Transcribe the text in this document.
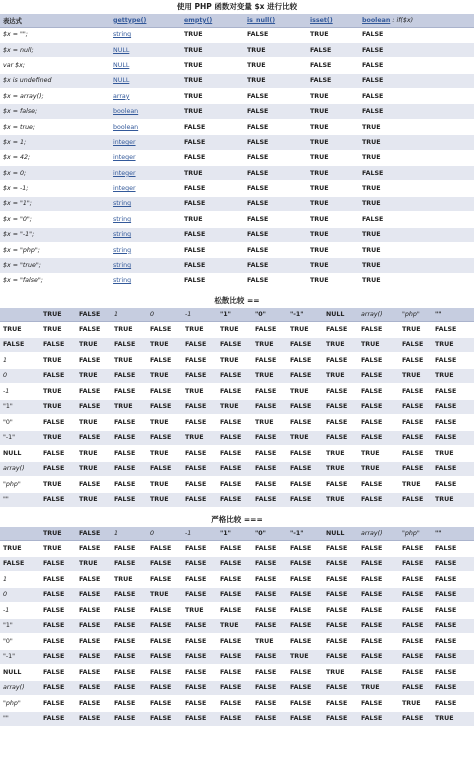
使用 PHP 函数对变量 $x 进行比较
表达式	gettype()	empty()	is_null()	isset()	boolean : if($x)
$x = "";	string	TRUE	FALSE	TRUE	FALSE
$x = null;	NULL	TRUE	TRUE	FALSE	FALSE
var $x;	NULL	TRUE	TRUE	FALSE	FALSE
$x is undefined	NULL	TRUE	TRUE	FALSE	FALSE
$x = array();	array	TRUE	FALSE	TRUE	FALSE
$x = false;	boolean	TRUE	FALSE	TRUE	FALSE
$x = true;	boolean	FALSE	FALSE	TRUE	TRUE
$x = 1;	integer	FALSE	FALSE	TRUE	TRUE
$x = 42;	integer	FALSE	FALSE	TRUE	TRUE
$x = 0;	integer	TRUE	FALSE	TRUE	FALSE
$x = -1;	integer	FALSE	FALSE	TRUE	TRUE
$x = "1";	string	FALSE	FALSE	TRUE	TRUE
$x = "0";	string	TRUE	FALSE	TRUE	FALSE
$x = "-1";	string	FALSE	FALSE	TRUE	TRUE
$x = "php";	string	FALSE	FALSE	TRUE	TRUE
$x = "true";	string	FALSE	FALSE	TRUE	TRUE
$x = "false";	string	FALSE	FALSE	TRUE	TRUE
松散比较 ==
	TRUE	FALSE	1	0	-1	"1"	"0"	"-1"	NULL	array()	"php"	""
TRUE	TRUE	FALSE	TRUE	FALSE	TRUE	TRUE	FALSE	TRUE	FALSE	FALSE	TRUE	FALSE
FALSE	FALSE	TRUE	FALSE	TRUE	FALSE	FALSE	TRUE	FALSE	TRUE	TRUE	FALSE	TRUE
1	TRUE	FALSE	TRUE	FALSE	FALSE	TRUE	FALSE	FALSE	FALSE	FALSE	FALSE	FALSE
0	FALSE	TRUE	FALSE	TRUE	FALSE	FALSE	TRUE	FALSE	TRUE	FALSE	TRUE	TRUE
-1	TRUE	FALSE	FALSE	FALSE	TRUE	FALSE	FALSE	TRUE	FALSE	FALSE	FALSE	FALSE
"1"	TRUE	FALSE	TRUE	FALSE	FALSE	TRUE	FALSE	FALSE	FALSE	FALSE	FALSE	FALSE
"0"	FALSE	TRUE	FALSE	TRUE	FALSE	FALSE	TRUE	FALSE	FALSE	FALSE	FALSE	FALSE
"-1"	TRUE	FALSE	FALSE	FALSE	TRUE	FALSE	FALSE	TRUE	FALSE	FALSE	FALSE	FALSE
NULL	FALSE	TRUE	FALSE	TRUE	FALSE	FALSE	FALSE	FALSE	TRUE	TRUE	FALSE	TRUE
array()	FALSE	TRUE	FALSE	FALSE	FALSE	FALSE	FALSE	FALSE	TRUE	TRUE	FALSE	FALSE
"php"	TRUE	FALSE	FALSE	TRUE	FALSE	FALSE	FALSE	FALSE	FALSE	FALSE	TRUE	FALSE
""	FALSE	TRUE	FALSE	TRUE	FALSE	FALSE	FALSE	FALSE	TRUE	FALSE	FALSE	TRUE
严格比较 ===
	TRUE	FALSE	1	0	-1	"1"	"0"	"-1"	NULL	array()	"php"	""
TRUE	TRUE	FALSE	FALSE	FALSE	FALSE	FALSE	FALSE	FALSE	FALSE	FALSE	FALSE	FALSE
FALSE	FALSE	TRUE	FALSE	FALSE	FALSE	FALSE	FALSE	FALSE	FALSE	FALSE	FALSE	FALSE
1	FALSE	FALSE	TRUE	FALSE	FALSE	FALSE	FALSE	FALSE	FALSE	FALSE	FALSE	FALSE
0	FALSE	FALSE	FALSE	TRUE	FALSE	FALSE	FALSE	FALSE	FALSE	FALSE	FALSE	FALSE
-1	FALSE	FALSE	FALSE	FALSE	TRUE	FALSE	FALSE	FALSE	FALSE	FALSE	FALSE	FALSE
"1"	FALSE	FALSE	FALSE	FALSE	FALSE	TRUE	FALSE	FALSE	FALSE	FALSE	FALSE	FALSE
"0"	FALSE	FALSE	FALSE	FALSE	FALSE	FALSE	TRUE	FALSE	FALSE	FALSE	FALSE	FALSE
"-1"	FALSE	FALSE	FALSE	FALSE	FALSE	FALSE	FALSE	TRUE	FALSE	FALSE	FALSE	FALSE
NULL	FALSE	FALSE	FALSE	FALSE	FALSE	FALSE	FALSE	FALSE	TRUE	FALSE	FALSE	FALSE
array()	FALSE	FALSE	FALSE	FALSE	FALSE	FALSE	FALSE	FALSE	FALSE	TRUE	FALSE	FALSE
"php"	FALSE	FALSE	FALSE	FALSE	FALSE	FALSE	FALSE	FALSE	FALSE	FALSE	TRUE	FALSE
""	FALSE	FALSE	FALSE	FALSE	FALSE	FALSE	FALSE	FALSE	FALSE	FALSE	FALSE	TRUE
